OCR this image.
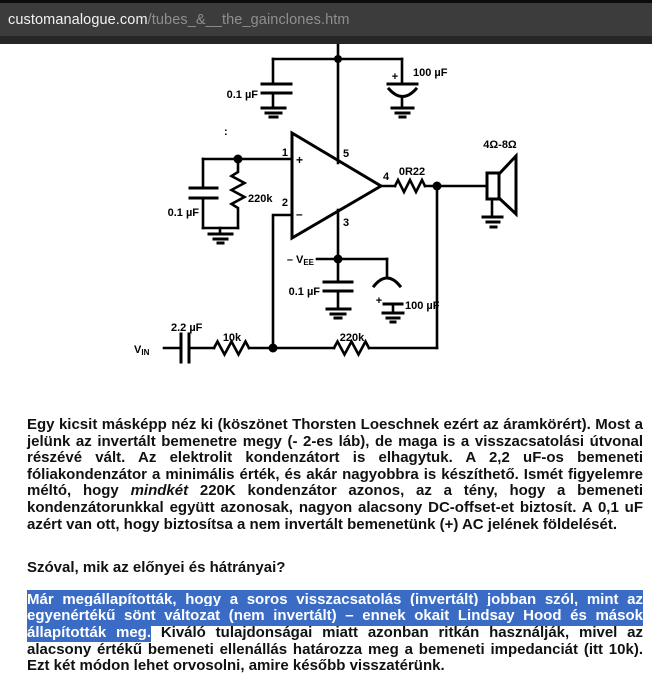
customanalogue.com /tubes_&__the_gainclones.htm
0.1 µF
+ 100 µF
:
0.1 µF
220k
+
–
1
2
5
3
4
– VEE
0.1 µF
+ 100 µF
VIN
2.2 µF
10k	220k
0R22
4Ω-8Ω

Egy kicsit másképp néz ki (köszönet Thorsten Loeschnek ezért az áramkörért). Most a jelünk az invertált bemenetre megy (- 2-es láb), de maga is a visszacsatolási útvonal részévé vált. Az elektrolit kondenzátort is elhagytuk. A 2,2 uF-os bemeneti fóliakondenzátor a minimális érték, és akár nagyobbra is készíthető. Ismét figyelemre méltó, hogy mindkét 220K kondenzátor azonos, az a tény, hogy a bemeneti kondenzátorunkkal együtt azonosak, nagyon alacsony DC-offset-et biztosít. A 0,1 uF azért van ott, hogy biztosítsa a nem invertált bemenetünk (+) AC jelének földelését.

Szóval, mik az előnyei és hátrányai?

Már megállapították, hogy a soros visszacsatolás (invertált) jobban szól, mint az egyenértékű sönt változat (nem invertált) – ennek okait Lindsay Hood és mások állapították meg. Kiváló tulajdonságai miatt azonban ritkán használják, mivel az alacsony értékű bemeneti ellenállás határozza meg a bemeneti impedanciát (itt 10k). Ezt két módon lehet orvosolni, amire később visszatérünk.
